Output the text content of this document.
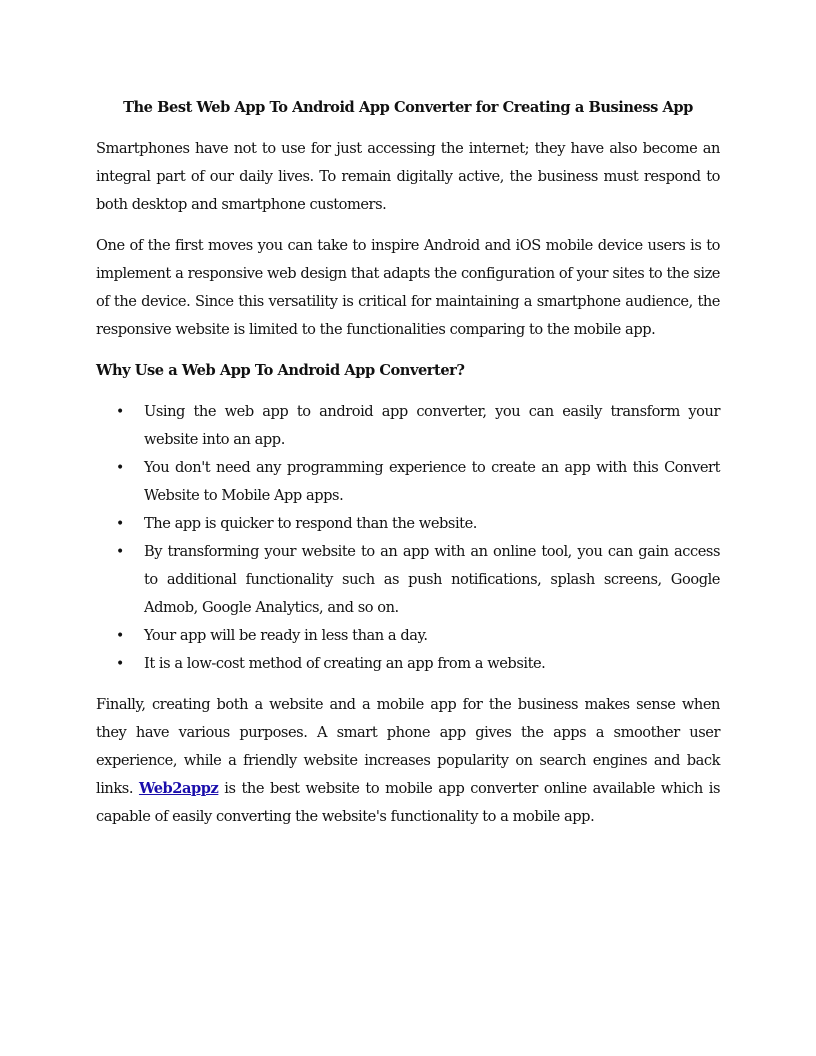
The Best Web App To Android App Converter for Creating a Business App

Smartphones have not to use for just accessing the internet; they have also become an integral part of our daily lives. To remain digitally active, the business must respond to both desktop and smartphone customers.

One of the first moves you can take to inspire Android and iOS mobile device users is to implement a responsive web design that adapts the configuration of your sites to the size of the device. Since this versatility is critical for maintaining a smartphone audience, the responsive website is limited to the functionalities comparing to the mobile app.

Why Use a Web App To Android App Converter?
• Using the web app to android app converter, you can easily transform your website into an app.
• You don't need any programming experience to create an app with this Convert Website to Mobile App apps.
• The app is quicker to respond than the website.
• By transforming your website to an app with an online tool, you can gain access to additional functionality such as push notifications, splash screens, Google Admob, Google Analytics, and so on.
• Your app will be ready in less than a day.
• It is a low-cost method of creating an app from a website.

Finally, creating both a website and a mobile app for the business makes sense when they have various purposes. A smart phone app gives the apps a smoother user experience, while a friendly website increases popularity on search engines and back links. Web2appz is the best website to mobile app converter online available which is capable of easily converting the website's functionality to a mobile app.
